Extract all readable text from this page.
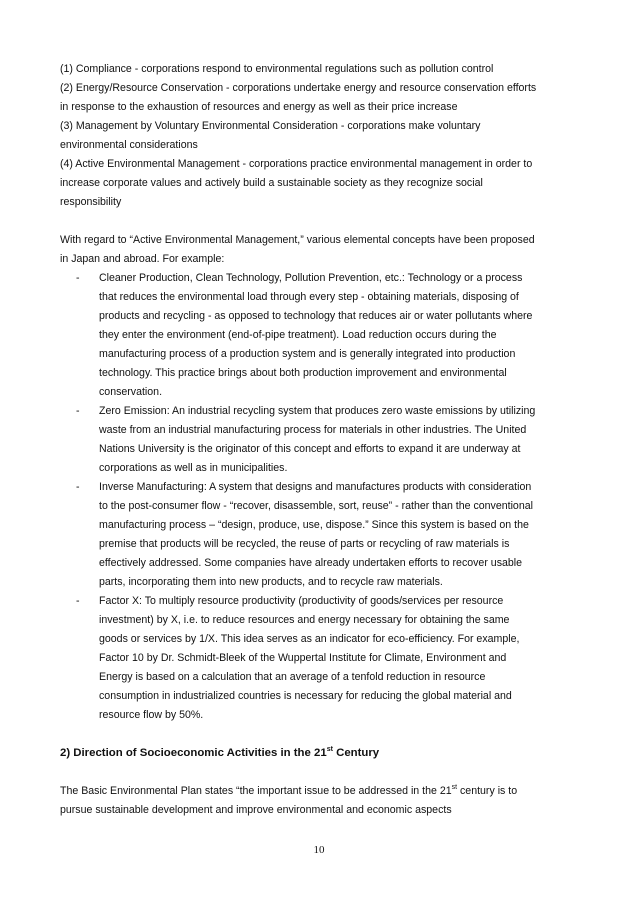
(1) Compliance - corporations respond to environmental regulations such as pollution control
(2) Energy/Resource Conservation - corporations undertake energy and resource conservation efforts
in response to the exhaustion of resources and energy as well as their price increase
(3) Management by Voluntary Environmental Consideration - corporations make voluntary
environmental considerations
(4) Active Environmental Management - corporations practice environmental management in order to
increase corporate values and actively build a sustainable society as they recognize social
responsibility
With regard to “Active Environmental Management,” various elemental concepts have been proposed
in Japan and abroad. For example:
- Cleaner Production, Clean Technology, Pollution Prevention, etc.: Technology or a process
that reduces the environmental load through every step - obtaining materials, disposing of
products and recycling - as opposed to technology that reduces air or water pollutants where
they enter the environment (end-of-pipe treatment). Load reduction occurs during the
manufacturing process of a production system and is generally integrated into production
technology. This practice brings about both production improvement and environmental
conservation.
- Zero Emission: An industrial recycling system that produces zero waste emissions by utilizing
waste from an industrial manufacturing process for materials in other industries. The United
Nations University is the originator of this concept and efforts to expand it are underway at
corporations as well as in municipalities.
- Inverse Manufacturing: A system that designs and manufactures products with consideration
to the post-consumer flow - “recover, disassemble, sort, reuse” - rather than the conventional
manufacturing process – “design, produce, use, dispose.” Since this system is based on the
premise that products will be recycled, the reuse of parts or recycling of raw materials is
effectively addressed. Some companies have already undertaken efforts to recover usable
parts, incorporating them into new products, and to recycle raw materials.
- Factor X: To multiply resource productivity (productivity of goods/services per resource
investment) by X, i.e. to reduce resources and energy necessary for obtaining the same
goods or services by 1/X. This idea serves as an indicator for eco-efficiency. For example,
Factor 10 by Dr. Schmidt-Bleek of the Wuppertal Institute for Climate, Environment and
Energy is based on a calculation that an average of a tenfold reduction in resource
consumption in industrialized countries is necessary for reducing the global material and
resource flow by 50%.
2) Direction of Socioeconomic Activities in the 21st Century
The Basic Environmental Plan states “the important issue to be addressed in the 21st century is to
pursue sustainable development and improve environmental and economic aspects
10
